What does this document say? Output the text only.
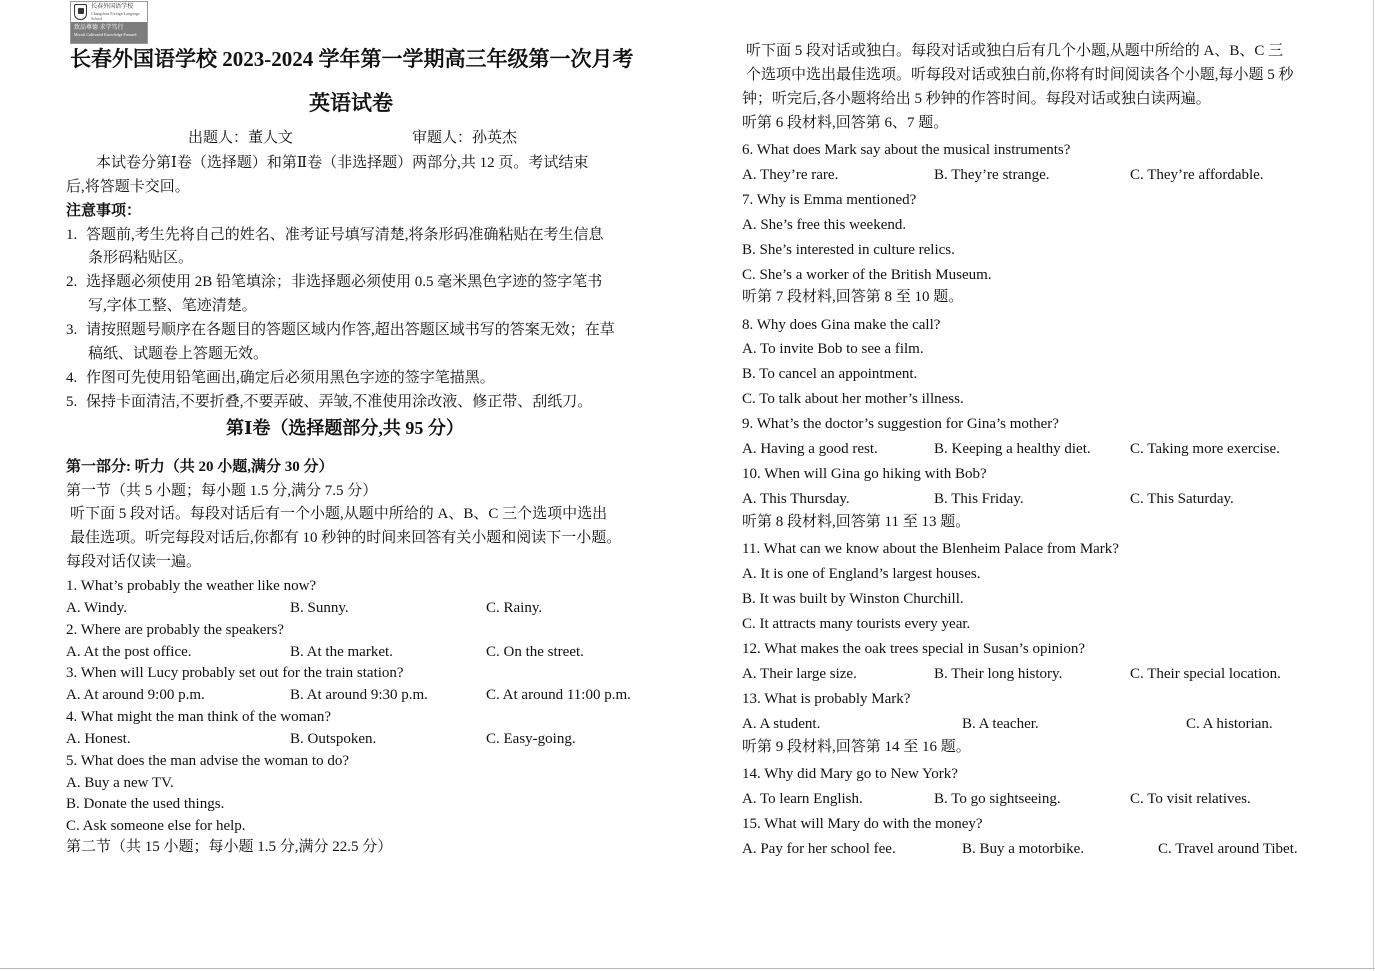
长春外国语学校
Changchun Foreign Language School
致品尊德 求学笃行
Morals Cultivated Knowledge Pursued
长春外国语学校 2023-2024 学年第一学期高三年级第一次月考
英语试卷
出题人：董人文	审题人：孙英杰
本试卷分第Ⅰ卷（选择题）和第Ⅱ卷（非选择题）两部分,共 12 页。考试结束
后,将答题卡交回。
注意事项：
1. 答题前,考生先将自己的姓名、准考证号填写清楚,将条形码准确粘贴在考生信息
条形码粘贴区。
2. 选择题必须使用 2B 铅笔填涂；非选择题必须使用 0.5 毫米黑色字迹的签字笔书
写,字体工整、笔迹清楚。
3. 请按照题号顺序在各题目的答题区域内作答,超出答题区域书写的答案无效；在草
稿纸、试题卷上答题无效。
4. 作图可先使用铅笔画出,确定后必须用黑色字迹的签字笔描黑。
5. 保持卡面清洁,不要折叠,不要弄破、弄皱,不准使用涂改液、修正带、刮纸刀。
第Ⅰ卷（选择题部分,共 95 分）
第一部分: 听力（共 20 小题,满分 30 分）
第一节（共 5 小题；每小题 1.5 分,满分 7.5 分）
听下面 5 段对话。每段对话后有一个小题,从题中所给的 A、B、C 三个选项中选出
最佳选项。听完每段对话后,你都有 10 秒钟的时间来回答有关小题和阅读下一小题。
每段对话仅读一遍。
1. What’s probably the weather like now?
A. Windy.	B. Sunny.	C. Rainy.
2. Where are probably the speakers?
A. At the post office.	B. At the market.	C. On the street.
3. When will Lucy probably set out for the train station?
A. At around 9:00 p.m.	B. At around 9:30 p.m.	C. At around 11:00 p.m.
4. What might the man think of the woman?
A. Honest.	B. Outspoken.	C. Easy-going.
5. What does the man advise the woman to do?
A. Buy a new TV.
B. Donate the used things.
C. Ask someone else for help.
第二节（共 15 小题；每小题 1.5 分,满分 22.5 分）
听下面 5 段对话或独白。每段对话或独白后有几个小题,从题中所给的 A、B、C 三
个选项中选出最佳选项。听每段对话或独白前,你将有时间阅读各个小题,每小题 5 秒
钟；听完后,各小题将给出 5 秒钟的作答时间。每段对话或独白读两遍。
听第 6 段材料,回答第 6、7 题。
6. What does Mark say about the musical instruments?
A. They’re rare.	B. They’re strange.	C. They’re affordable.
7. Why is Emma mentioned?
A. She’s free this weekend.
B. She’s interested in culture relics.
C. She’s a worker of the British Museum.
听第 7 段材料,回答第 8 至 10 题。
8. Why does Gina make the call?
A. To invite Bob to see a film.
B. To cancel an appointment.
C. To talk about her mother’s illness.
9. What’s the doctor’s suggestion for Gina’s mother?
A. Having a good rest.	B. Keeping a healthy diet.	C. Taking more exercise.
10. When will Gina go hiking with Bob?
A. This Thursday.	B. This Friday.	C. This Saturday.
听第 8 段材料,回答第 11 至 13 题。
11. What can we know about the Blenheim Palace from Mark?
A. It is one of England’s largest houses.
B. It was built by Winston Churchill.
C. It attracts many tourists every year.
12. What makes the oak trees special in Susan’s opinion?
A. Their large size.	B. Their long history.	C. Their special location.
13. What is probably Mark?
A. A student.	B. A teacher.	C. A historian.
听第 9 段材料,回答第 14 至 16 题。
14. Why did Mary go to New York?
A. To learn English.	B. To go sightseeing.	C. To visit relatives.
15. What will Mary do with the money?
A. Pay for her school fee.	B. Buy a motorbike.	C. Travel around Tibet.
